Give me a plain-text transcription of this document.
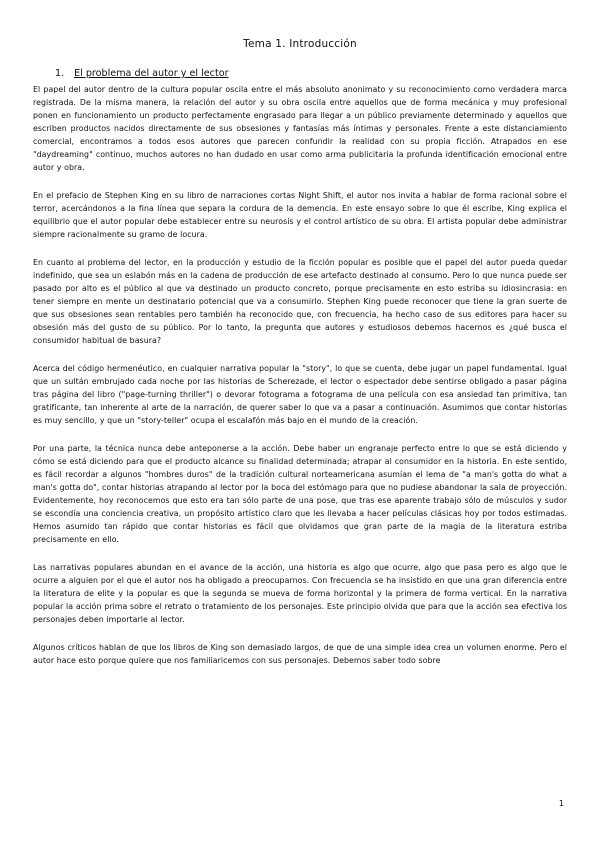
Tema 1. Introducción
1. El problema del autor y el lector

El papel del autor dentro de la cultura popular oscila entre el más absoluto anonimato y su reconocimiento como verdadera marca registrada. De la misma manera, la relación del autor y su obra oscila entre aquellos que de forma mecánica y muy profesional ponen en funcionamiento un producto perfectamente engrasado para llegar a un público previamente determinado y aquellos que escriben productos nacidos directamente de sus obsesiones y fantasías más íntimas y personales. Frente a este distanciamiento comercial, encontramos a todos esos autores que parecen confundir la realidad con su propia ficción. Atrapados en ese "daydreaming" continuo, muchos autores no han dudado en usar como arma publicitaria la profunda identificación emocional entre autor y obra.

En el prefacio de Stephen King en su libro de narraciones cortas Night Shift, el autor nos invita a hablar de forma racional sobre el terror, acercándonos a la fina línea que separa la cordura de la demencia. En este ensayo sobre lo que él escribe, King explica el equilibrio que el autor popular debe establecer entre su neurosis y el control artístico de su obra. El artista popular debe administrar siempre racionalmente su gramo de locura.

En cuanto al problema del lector, en la producción y estudio de la ficción popular es posible que el papel del autor pueda quedar indefinido, que sea un eslabón más en la cadena de producción de ese artefacto destinado al consumo. Pero lo que nunca puede ser pasado por alto es el público al que va destinado un producto concreto, porque precisamente en esto estriba su idiosincrasia: en tener siempre en mente un destinatario potencial que va a consumirlo. Stephen King puede reconocer que tiene la gran suerte de que sus obsesiones sean rentables pero también ha reconocido que, con frecuencia, ha hecho caso de sus editores para hacer su obsesión más del gusto de su público. Por lo tanto, la pregunta que autores y estudiosos debemos hacernos es ¿qué busca el consumidor habitual de basura?

Acerca del código hermenéutico, en cualquier narrativa popular la "story", lo que se cuenta, debe jugar un papel fundamental. Igual que un sultán embrujado cada noche por las historias de Scherezade, el lector o espectador debe sentirse obligado a pasar página tras página del libro ("page-turning thriller") o devorar fotograma a fotograma de una película con esa ansiedad tan primitiva, tan gratificante, tan inherente al arte de la narración, de querer saber lo que va a pasar a continuación. Asumimos que contar historias es muy sencillo, y que un "story-teller" ocupa el escalafón más bajo en el mundo de la creación.

Por una parte, la técnica nunca debe anteponerse a la acción. Debe haber un engranaje perfecto entre lo que se está diciendo y cómo se está diciendo para que el producto alcance su finalidad determinada; atrapar al consumidor en la historia. En este sentido, es fácil recordar a algunos "hombres duros" de la tradición cultural norteamericana asumían el lema de "a man's gotta do what a man's gotta do", contar historias atrapando al lector por la boca del estómago para que no pudiese abandonar la sala de proyección. Evidentemente, hoy reconocemos que esto era tan sólo parte de una pose, que tras ese aparente trabajo sólo de músculos y sudor se escondía una conciencia creativa, un propósito artístico claro que les llevaba a hacer películas clásicas hoy por todos estimadas. Hemos asumido tan rápido que contar historias es fácil que olvidamos que gran parte de la magia de la literatura estriba precisamente en ello.

Las narrativas populares abundan en el avance de la acción, una historia es algo que ocurre, algo que pasa pero es algo que le ocurre a alguien por el que el autor nos ha obligado a preocuparnos. Con frecuencia se ha insistido en que una gran diferencia entre la literatura de elite y la popular es que la segunda se mueva de forma horizontal y la primera de forma vertical. En la narrativa popular la acción prima sobre el retrato o tratamiento de los personajes. Este principio olvida que para que la acción sea efectiva los personajes deben importarle al lector.

Algunos críticos hablan de que los libros de King son demasiado largos, de que de una simple idea crea un volumen enorme. Pero el autor hace esto porque quiere que nos familiaricemos con sus personajes. Debemos saber todo sobre

1
